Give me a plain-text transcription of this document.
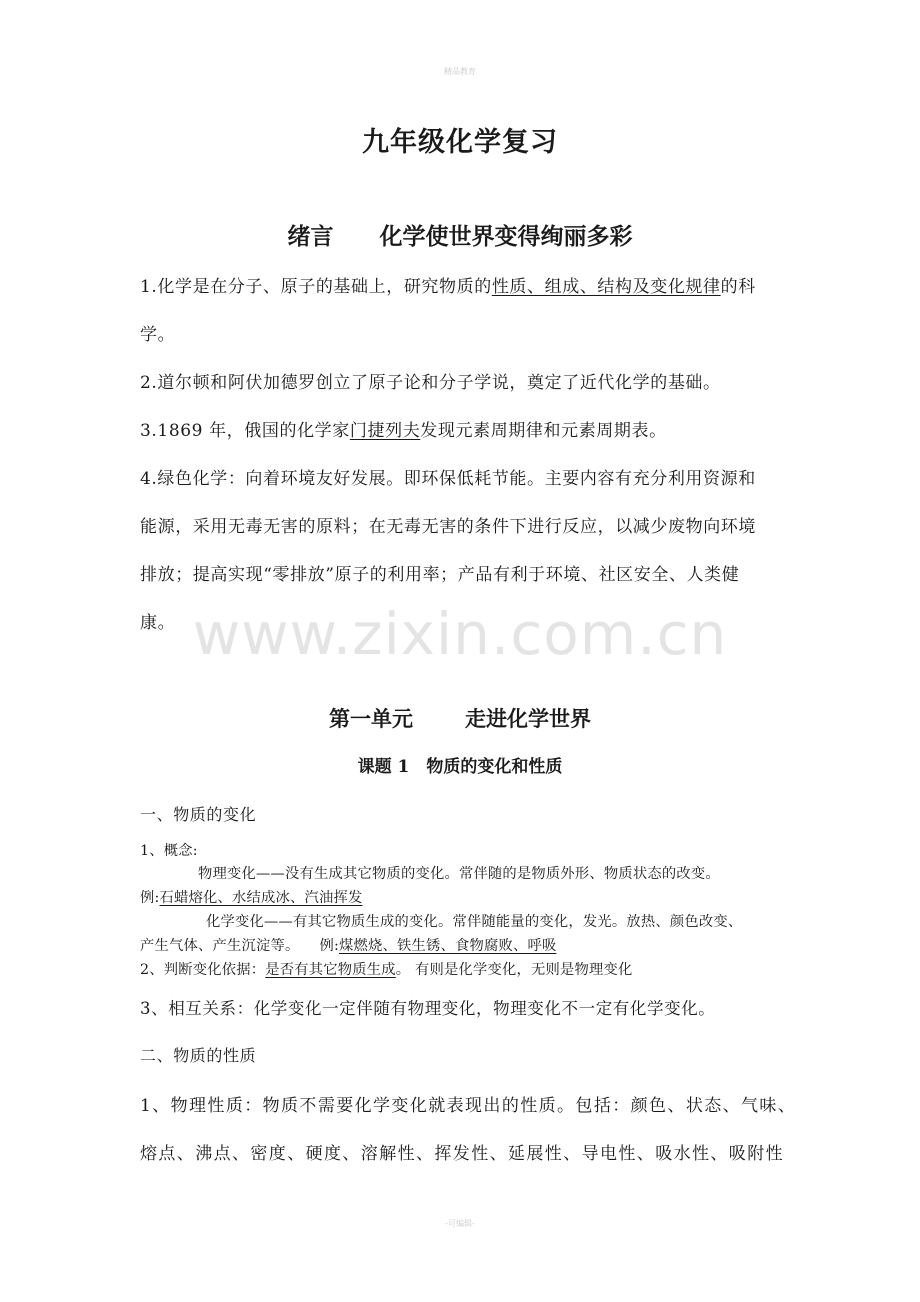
精品教育
九年级化学复习
绪言 化学使世界变得绚丽多彩
1.化学是在分子、原子的基础上，研究物质的性质、组成、结构及变化规律的科
学。
2.道尔顿和阿伏加德罗创立了原子论和分子学说，奠定了近代化学的基础。
3.1869 年，俄国的化学家门捷列夫发现元素周期律和元素周期表。
4.绿色化学：向着环境友好发展。即环保低耗节能。主要内容有充分利用资源和
能源，采用无毒无害的原料；在无毒无害的条件下进行反应，以减少废物向环境
排放；提高实现“零排放”原子的利用率；产品有利于环境、社区安全、人类健
康。 www.zixin.com.cn
第一单元 走进化学世界
课题 1　物质的变化和性质
一、物质的变化
1、概念:
物理变化——没有生成其它物质的变化。常伴随的是物质外形、物质状态的改变。
例:石蜡熔化、水结成冰、汽油挥发
化学变化——有其它物质生成的变化。常伴随能量的变化，发光。放热、颜色改变、
产生气体、产生沉淀等。 例:煤燃烧、铁生锈、食物腐败、呼吸
2、判断变化依据：是否有其它物质生成。 有则是化学变化，无则是物理变化
3、相互关系：化学变化一定伴随有物理变化，物理变化不一定有化学变化。
二、物质的性质
1、物理性质：物质不需要化学变化就表现出的性质。包括：颜色、状态、气味、
熔点、沸点、密度、硬度、溶解性、挥发性、延展性、导电性、吸水性、吸附性
-可编辑-
